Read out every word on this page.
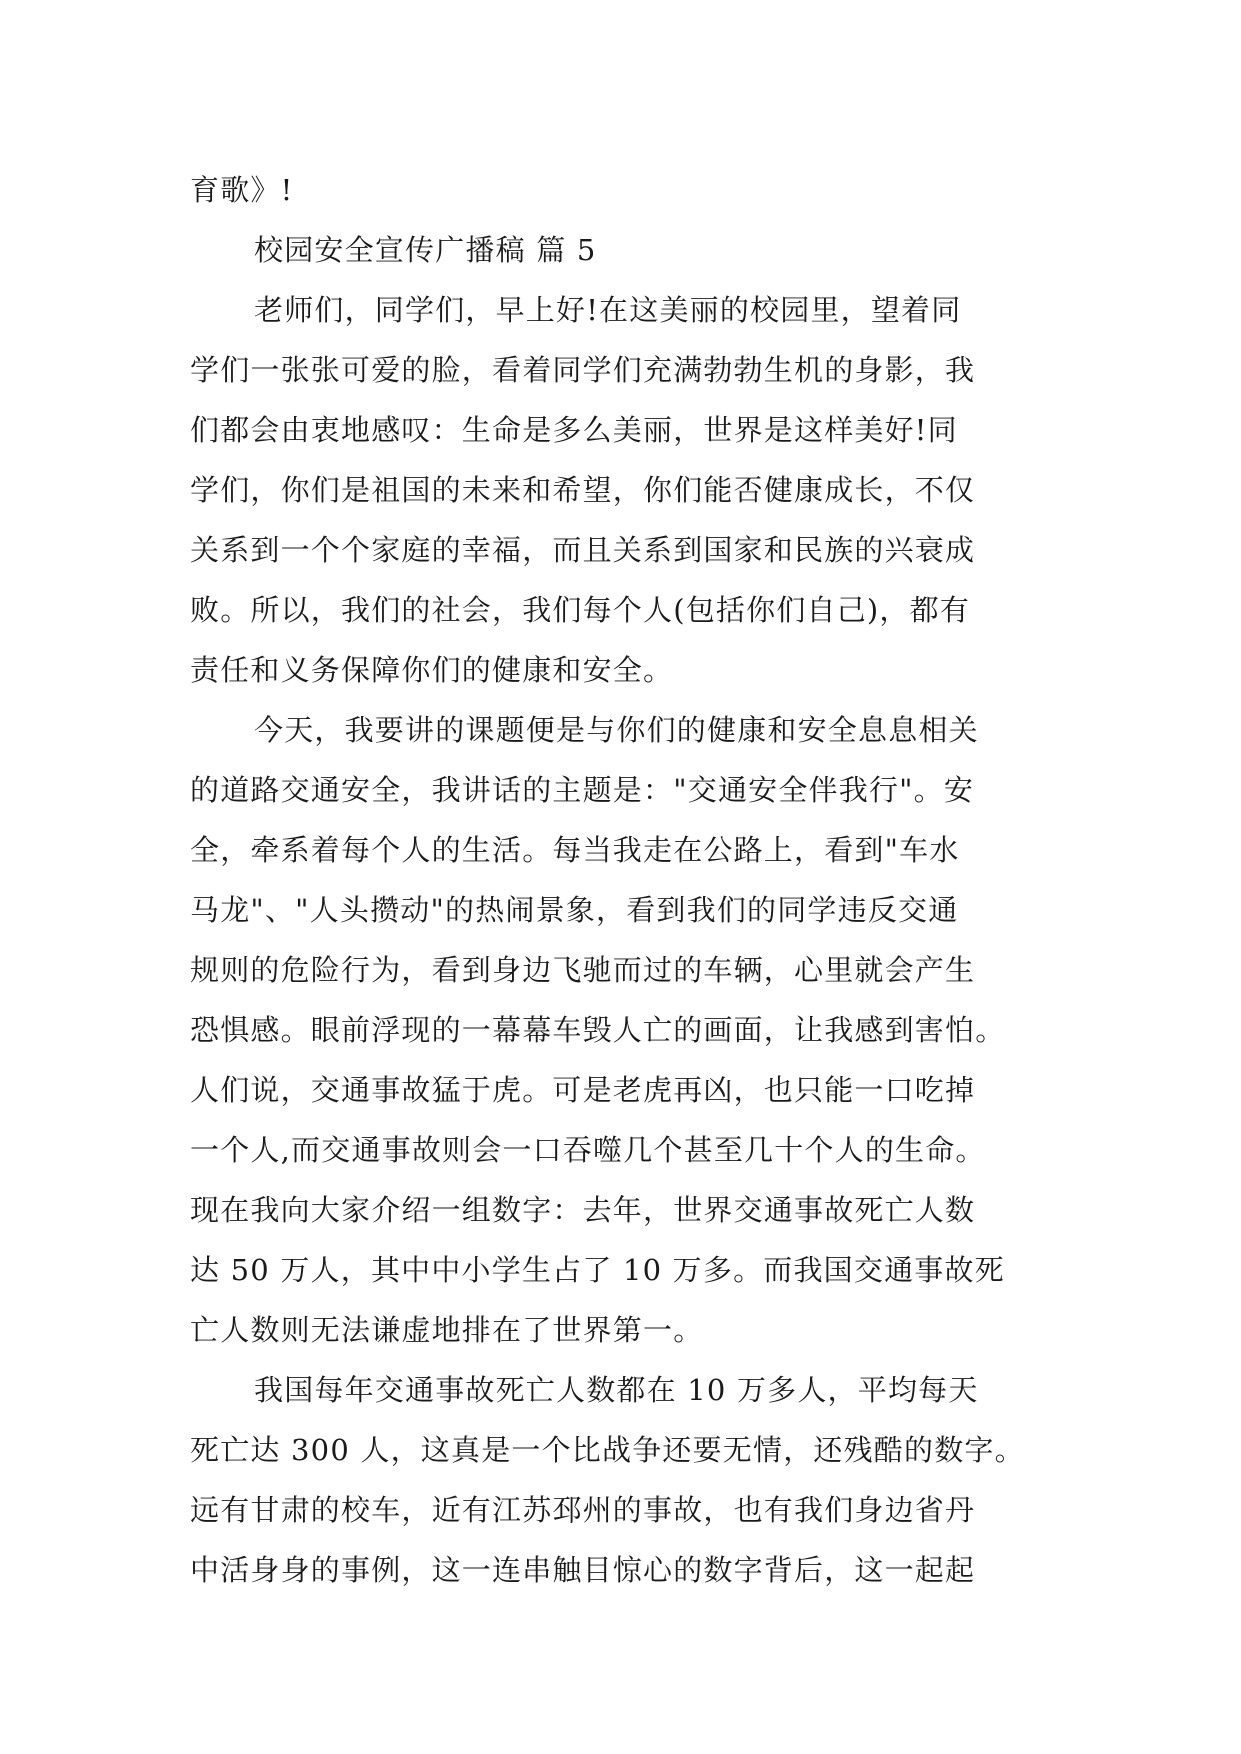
育歌》!
校园安全宣传广播稿 篇 5
老师们，同学们，早上好!在这美丽的校园里，望着同
学们一张张可爱的脸，看着同学们充满勃勃生机的身影，我
们都会由衷地感叹：生命是多么美丽，世界是这样美好!同
学们，你们是祖国的未来和希望，你们能否健康成长，不仅
关系到一个个家庭的幸福，而且关系到国家和民族的兴衰成
败。所以，我们的社会，我们每个人(包括你们自己)，都有
责任和义务保障你们的健康和安全。
今天，我要讲的课题便是与你们的健康和安全息息相关
的道路交通安全，我讲话的主题是："交通安全伴我行"。安
全，牵系着每个人的生活。每当我走在公路上，看到"车水
马龙"、"人头攒动"的热闹景象，看到我们的同学违反交通
规则的危险行为，看到身边飞驰而过的车辆，心里就会产生
恐惧感。眼前浮现的一幕幕车毁人亡的画面，让我感到害怕。
人们说，交通事故猛于虎。可是老虎再凶，也只能一口吃掉
一个人,而交通事故则会一口吞噬几个甚至几十个人的生命。
现在我向大家介绍一组数字：去年，世界交通事故死亡人数
达 50 万人，其中中小学生占了 10 万多。而我国交通事故死
亡人数则无法谦虚地排在了世界第一。
我国每年交通事故死亡人数都在 10 万多人，平均每天
死亡达 300 人，这真是一个比战争还要无情，还残酷的数字。
远有甘肃的校车，近有江苏邳州的事故，也有我们身边省丹
中活身身的事例，这一连串触目惊心的数字背后，这一起起
